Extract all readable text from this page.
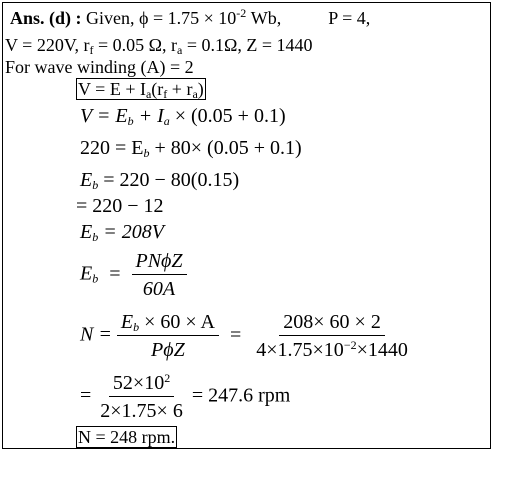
Ans. (d) : Given, $\phi = 1.75 \times 10^{-2}$ Wb,	P = 4,
V = 220V, $r_f = 0.05$ Ω, $r_a = 0.1\Omega$, Z = 1440
For wave winding (A) = 2
$V = E + I_a(r_f + r_a)$
$V = E_b + I_a \times (0.05 + 0.1)$
$220 = E_b + 80\times (0.05 + 0.1)$
$E_b = 220 - 80(0.15)$
= 220 − 12
$E_b = 208V$
$E_b = \frac{\text{PNϕZ}}{60A}$
$N = \frac{E_b \times 60 \times A}{\text{PϕZ}} = \frac{208\times 60 \times 2}{4\times 1.75\times 10^{-2}\times 1440}$
= $\frac{52\times 10^2}{2\times 1.75\times 6} = 247.6$ rpm
N = 248 rpm.
